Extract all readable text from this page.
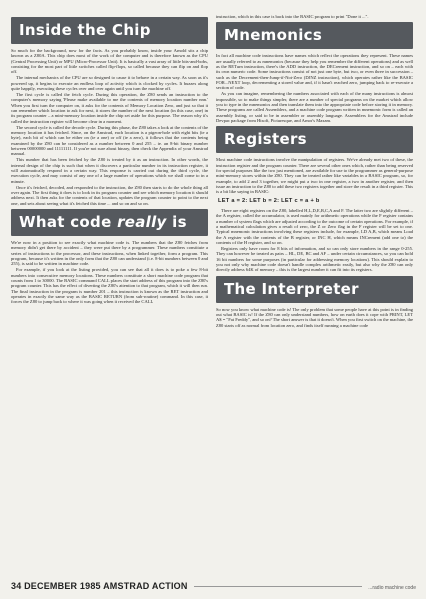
Inside the Chip

So much for the background, now for the facts. As you probably know, inside your Arnold sits a chip known as a Z80A. This chip does most of the work of the computer and is therefore known as the CPU (Central Processing Unit) or MPU (Micro-Processor Unit). It is basically a vast array of little bits-and-bobs, consisting for the most part of little switches called flip-flops, so called because they can flip on and flop off.

The internal mechanics of the CPU are so designed to cause it to behave in a certain way. As soon as it's powered up, it begins to execute an endless loop of activity which is clocked by cycles. It buzzes along quite happily, executing these cycles over and over again until you turn the machine off.

The first cycle is called the fetch cycle. During this operation, the Z80 sends an instruction to the computer's memory saying 'Please make available to me the contents of memory location number nnn.' When you first turn the computer on, it asks for the contents of Memory Location Zero, and just so that it can remember which location to ask for next, it stores the number of the next location (in this case, one) in its program counter – a mini-memory location inside the chip set aside for this purpose. The reason why it's called the instruction register will become clear in a moment.

The second cycle is called the decode cycle. During this phase, the Z80 takes a look at the contents of the memory location it has fetched. Since, on the Amstrad, each location is a pigeon-hole with eight bits (ie a byte), each bit of which can be either on (ie a one) or off (ie a zero), it follows that the contents being examined by the Z80 can be considered as a number between 0 and 255 – ie. an 8-bit binary number between 00000000 and 11111111. If you're not sure about binary, then check the Appendix of your Amstrad manual.

This number that has been fetched by the Z80 is treated by it as an instruction. In other words, the internal design of the chip is such that when it discovers a particular number in its instruction register, it will automatically respond in a certain way. This response is carried out during the third cycle, the execution cycle, and may consist of any one of a large number of operations which we shall come to in a minute.

Once it's fetched, decoded, and responded to the instruction, the Z80 then starts to do the whole thing all over again. The first thing it does is to look in its program counter and see which memory location it should address next. It then asks for the contents of that location, updates the program counter to point to the next one, and sets about seeing what it's fetched this time ... and so on and so on.

What code really is

We're now in a position to see exactly what machine code is. The numbers that the Z80 fetches from memory didn't get there by accident – they were put there by a programmer. These numbers constitute a series of instructions to the processor, and these instructions, when linked together, form a program. This program, because it's written in the only form that the Z80 can understand (i.e. 8-bit numbers between 0 and 255), is said to be written in machine code.

For example, if you look at the listing provided, you can see that all it does is to poke a few 8-bit numbers into consecutive memory locations. These numbers constitute a short machine code program that counts from 1 to 30000. The BASIC command CALL places the start address of this program into the Z80's program counter. This has the effect of diverting the Z80's attention to that program, which it will then run. The final instruction in the program is number 201 – this instruction is known as the RET instruction and operates in exactly the same way as the BASIC RETURN (from sub-routine) command. In this case, it forces the Z80 to jump back to where it was going when it received the CALL

instruction, which in this case is back into the BASIC program to print "Done it ...".

Mnemonics

In fact all machine code instructions have names which reflect the operations they represent. These names are usually referred to as mnemonics (because they help you remember the different operations) and as well as the RETurn instruction, there's the ADD instruction, the DECrement instruction, and so on – each with its own numeric code. Some instructions consist of not just one byte, but two, or even three in succession – such as the Decrement-then-Jump-if-Not-Zero (DJNZ instruction), which operates rather like the BASIC FOR...NEXT loop, decrementing a stored value and, if it hasn't reached zero, jumping back to re-execute a section of code.

As you can imagine, remembering the numbers associated with each of the many instructions is almost impossible, so to make things simpler, there are a number of special programs on the market which allow you to type in the mnemonics and then translate them into the appropriate code before storing it in memory. These programs are called Assemblers, and a machine code program written in mnemonic form is called an assembly listing, or said to be in assembler or assembly language. Assemblers for the Amstrad include Devpac package from Hisoft, Picturesque, and Arnor's Maxam.

Registers

Most machine code instructions involve the manipulation of registers. We've already met two of these, the instruction register and the program counter. There are several other ones which, rather than being reserved for special purposes like the two just mentioned, are available for use to the programmer as general-purpose mini-memory stores within the Z80. They can be treated rather like variables in a BASIC program, so, for example, to add 2 and 3 together, we might put a two in one register, a two in another register, and then issue an instruction to the Z80 to add these two registers together and store the result in a third register. This is a bit like saying in BASIC:

LET a = 2: LET b = 2: LET c = a + b

There are eight registers on the Z80, labelled H,L,D,E,B,C,A and F. The latter two are slightly different – the A register, called the accumulator, is used mainly for arithmetic operations while the F register contains a number of system flags which are adjusted according to the outcome of certain operations. For example, if a mathematical calculation gives a result of zero, the Z or Zero flag in the F register will be set to one. Typical mnemonic instructions involving these registers include, for example, LD A,B, which means Load the A register with the contents of the B register, or INC H, which means INCrement (add one to) the contents of the H register, and so on.

Registers only have room for 8 bits of information, and so can only store numbers in the range 0-255. They can however be treated as pairs – HL, DE, BC and AF – under certain circumstances, so you can hold 16 bit numbers for some purposes (in particular for addressing memory locations). This should explain to you not only why machine code doesn't handle complex arithmetic easily, but also why the Z80 can only directly address 64K of memory – this is the largest number it can fit into its registers.

The Interpreter

So now you know what machine code is! The only problem that some people have at this point is in finding out what BASIC is! If the Z80 can only understand numbers, how on earth does it cope with PRINT, LET A$ = "Fat Freddy", and so on? The short answer is that it doesn't. When you first switch on the machine, the Z80 starts off as normal from location zero, and finds itself running a machine code

34 DECEMBER 1985 AMSTRAD ACTION	...radio machine code
